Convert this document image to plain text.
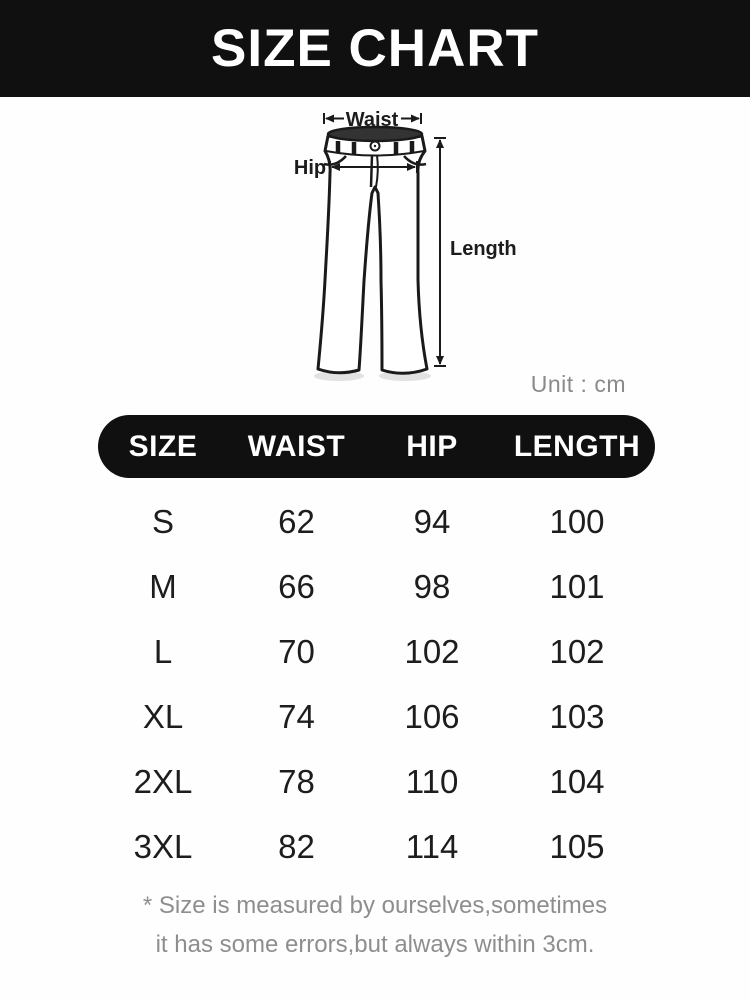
SIZE CHART
Waist
Hip
Length
Unit : cm
SIZE	WAIST	HIP	LENGTH
S	62	94	100
M	66	98	101
L	70	102	102
XL	74	106	103
2XL	78	110	104
3XL	82	114	105
* Size is measured by ourselves,sometimes
it has some errors,but always within 3cm.
